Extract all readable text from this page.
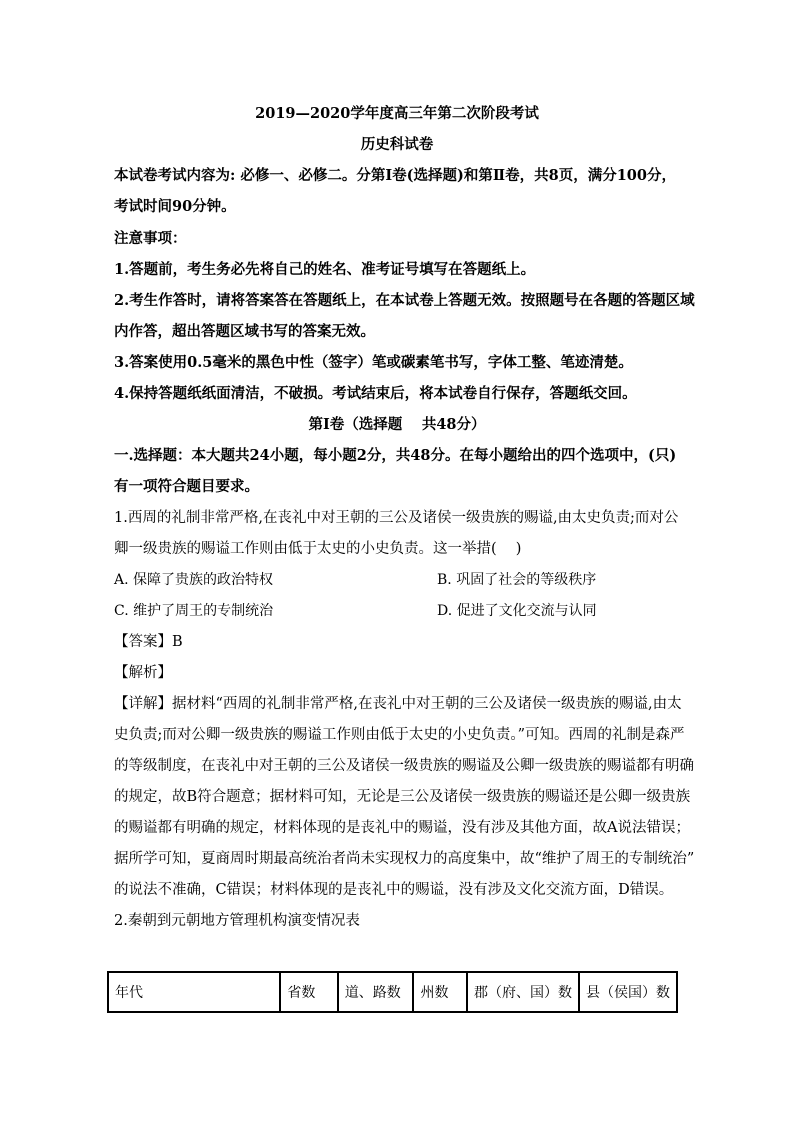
2019—2020学年度高三年第二次阶段考试
历史科试卷
本试卷考试内容为: 必修一、必修二。分第Ⅰ卷(选择题)和第Ⅱ卷，共8页，满分100分，
考试时间90分钟。
注意事项：
1.答题前，考生务必先将自己的姓名、准考证号填写在答题纸上。
2.考生作答时，请将答案答在答题纸上，在本试卷上答题无效。按照题号在各题的答题区域
内作答，超出答题区域书写的答案无效。
3.答案使用0.5毫米的黑色中性（签字）笔或碳素笔书写，字体工整、笔迹清楚。
4.保持答题纸纸面清洁，不破损。考试结束后，将本试卷自行保存，答题纸交回。
第Ⅰ卷（选择题　 共48分）
一.选择题：本大题共24小题，每小题2分，共48分。在每小题给出的四个选项中，(只)
有一项符合题目要求。
1.西周的礼制非常严格,在丧礼中对王朝的三公及诸侯一级贵族的赐谥,由太史负责;而对公
卿一级贵族的赐谥工作则由低于太史的小史负责。这一举措(　 )
A. 保障了贵族的政治特权	B. 巩固了社会的等级秩序
C. 维护了周王的专制统治	D. 促进了文化交流与认同
【答案】B
【解析】
【详解】据材料“西周的礼制非常严格,在丧礼中对王朝的三公及诸侯一级贵族的赐谥,由太
史负责;而对公卿一级贵族的赐谥工作则由低于太史的小史负责。”可知。西周的礼制是森严
的等级制度，在丧礼中对王朝的三公及诸侯一级贵族的赐谥及公卿一级贵族的赐谥都有明确
的规定，故B符合题意；据材料可知，无论是三公及诸侯一级贵族的赐谥还是公卿一级贵族
的赐谥都有明确的规定，材料体现的是丧礼中的赐谥，没有涉及其他方面，故A说法错误；
据所学可知，夏商周时期最高统治者尚未实现权力的高度集中，故“维护了周王的专制统治”
的说法不准确，C错误；材料体现的是丧礼中的赐谥，没有涉及文化交流方面，D错误。
2.秦朝到元朝地方管理机构演变情况表
年代	省数	道、路数	州数	郡（府、国）数	县（侯国）数
